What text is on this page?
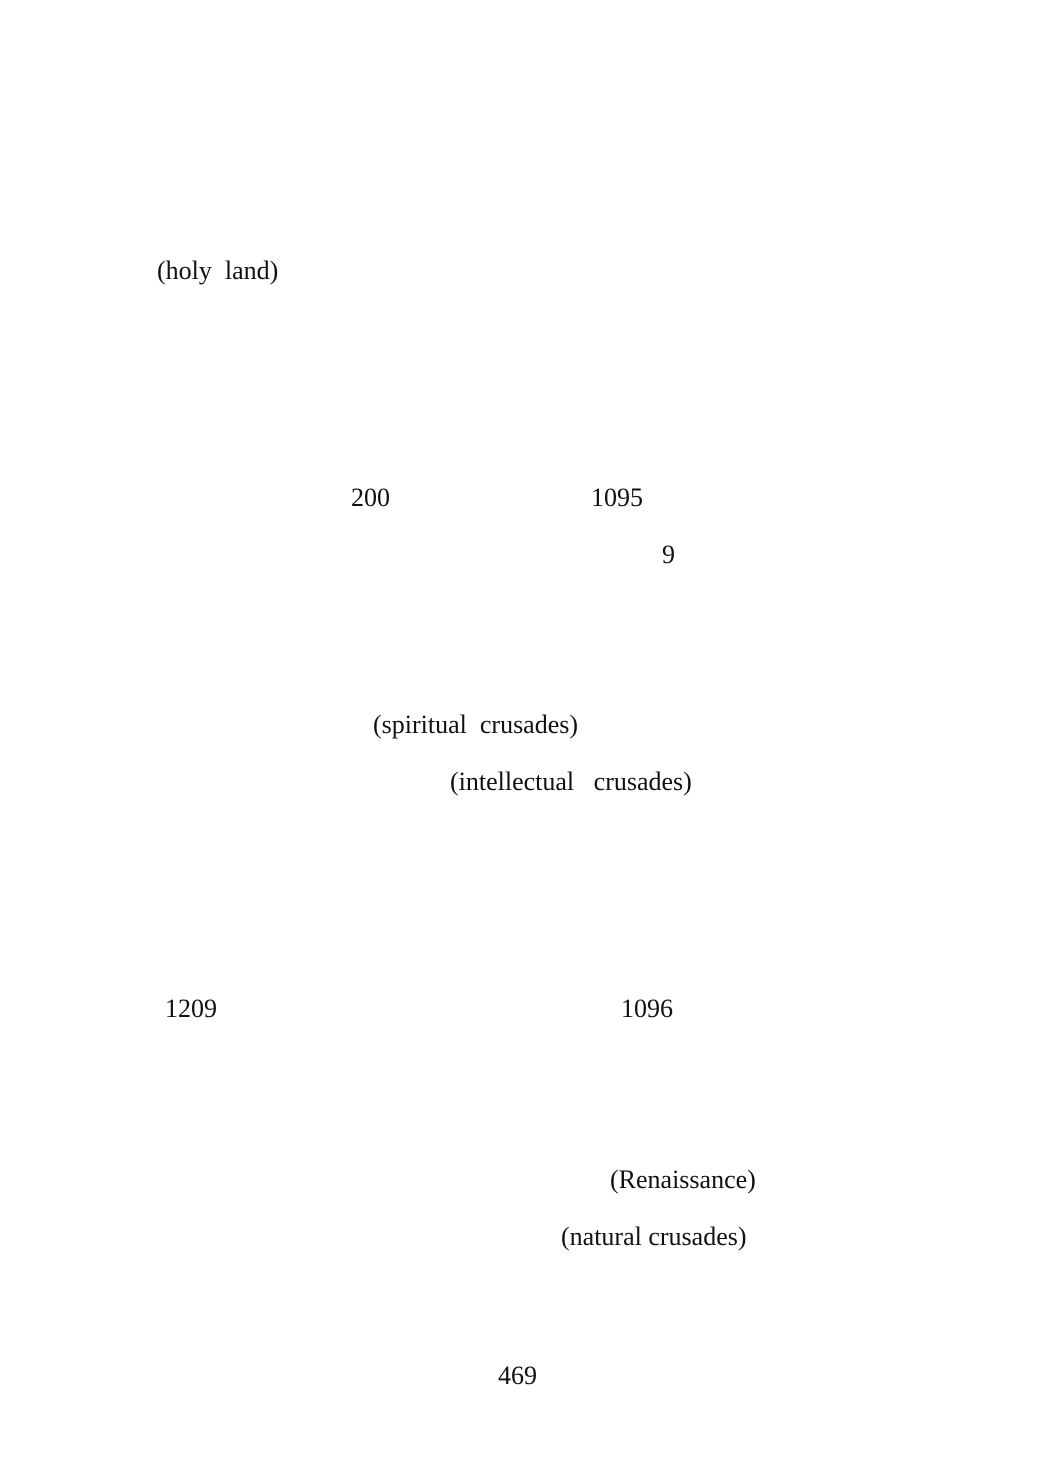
(holy  land)
200	1095
9
(spiritual  crusades)
(intellectual   crusades)
1209	1096
(Renaissance)
(natural crusades)
469
